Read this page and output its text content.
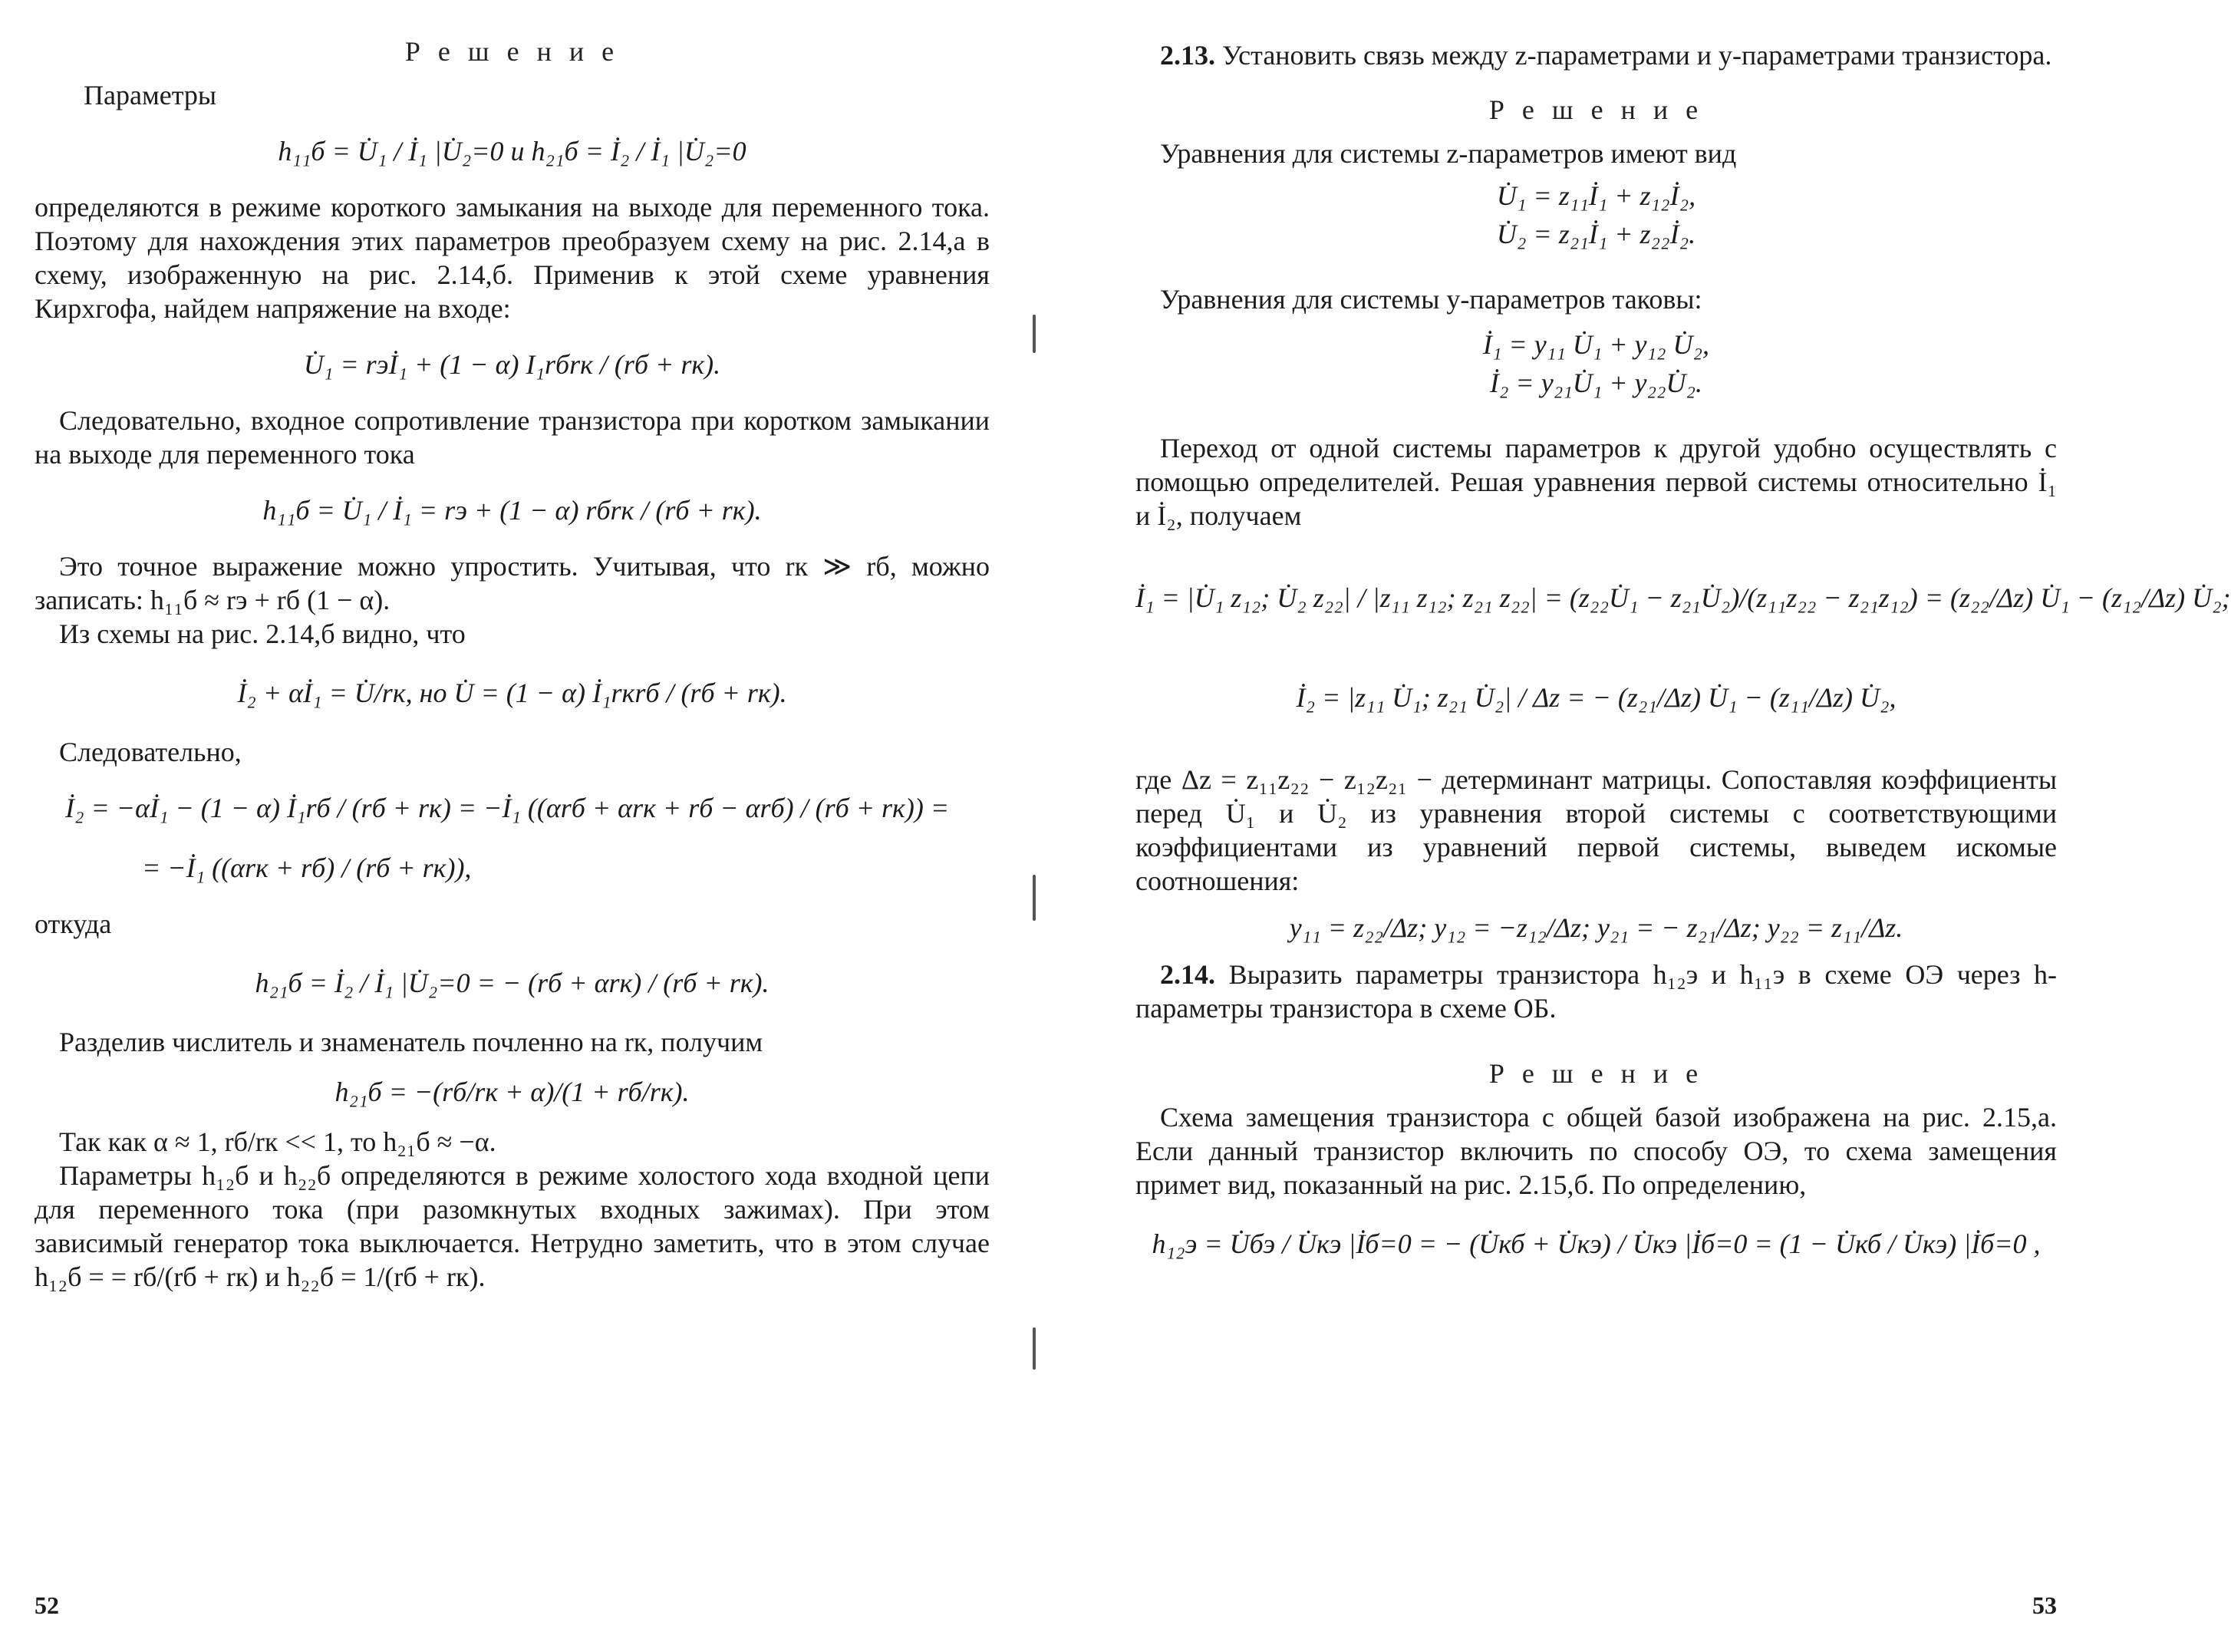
Р е ш е н и е

Параметры

h₁₁б = U̇₁ / İ₁ |U̇₂=0 и h₂₁б = İ₂ / İ₁ |U̇₂=0

определяются в режиме короткого замыкания на выходе для переменного тока. Поэтому для нахождения этих параметров преобразуем схему на рис. 2.14,а в схему, изображенную на рис. 2.14,б. Применив к этой схеме уравнения Кирхгофа, найдем напряжение на входе:

U̇₁ = rэİ₁ + (1 − α) I₁rбrк / (rб + rк).

Следовательно, входное сопротивление транзистора при коротком замыкании на выходе для переменного тока

h₁₁б = U̇₁ / İ₁ = rэ + (1 − α) rбrк / (rб + rк).

Это точное выражение можно упростить. Учитывая, что rк ≫ rб, можно записать: h₁₁б ≈ rэ + rб (1 − α).

Из схемы на рис. 2.14,б видно, что

İ₂ + αİ₁ = U̇/rк, но U̇ = (1 − α) İ₁rкrб / (rб + rк).

Следовательно,

İ₂ = −αİ₁ − (1 − α) İ₁rб / (rб + rк) = −İ₁ ((αrб + αrк + rб − αrб) / (rб + rк)) =
= −İ₁ ((αrк + rб) / (rб + rк)),

откуда

h₂₁б = İ₂ / İ₁ |U̇₂=0 = − (rб + αrк) / (rб + rк).

Разделив числитель и знаменатель почленно на rк, получим

h₂₁б = −(rб/rк + α)/(1 + rб/rк).

Так как α ≈ 1, rб/rк << 1, то h₂₁б ≈ −α.

Параметры h₁₂б и h₂₂б определяются в режиме холостого хода входной цепи для переменного тока (при разомкнутых входных зажимах). При этом зависимый генератор тока выключается. Нетрудно заметить, что в этом случае h₁₂б = = rб/(rб + rк) и h₂₂б = 1/(rб + rк).

52

2.13. Установить связь между z-параметрами и y-параметрами транзистора.

Р е ш е н и е

Уравнения для системы z-параметров имеют вид

U̇₁ = z₁₁İ₁ + z₁₂İ₂,
U̇₂ = z₂₁İ₁ + z₂₂İ₂.

Уравнения для системы y-параметров таковы:

İ₁ = y₁₁ U̇₁ + y₁₂ U̇₂,
İ₂ = y₂₁U̇₁ + y₂₂U̇₂.

Переход от одной системы параметров к другой удобно осуществлять с помощью определителей. Решая уравнения первой системы относительно İ₁ и İ₂, получаем

İ₁ = |U̇₁ z₁₂; U̇₂ z₂₂| / |z₁₁ z₁₂; z₂₁ z₂₂| = (z₂₂U̇₁ − z₂₁U̇₂)/(z₁₁z₂₂ − z₂₁z₁₂) = (z₂₂/Δz) U̇₁ − (z₁₂/Δz) U̇₂;
İ₂ = |z₁₁ U̇₁; z₂₁ U̇₂| / Δz = − (z₂₁/Δz) U̇₁ − (z₁₁/Δz) U̇₂,

где Δz = z₁₁z₂₂ − z₁₂z₂₁ − детерминант матрицы. Сопоставляя коэффициенты перед U̇₁ и U̇₂ из уравнения второй системы с соответствующими коэффициентами из уравнений первой системы, выведем искомые соотношения:

y₁₁ = z₂₂/Δz; y₁₂ = −z₁₂/Δz; y₂₁ = − z₂₁/Δz; y₂₂ = z₁₁/Δz.

2.14. Выразить параметры транзистора h₁₂э и h₁₁э в схеме ОЭ через h-параметры транзистора в схеме ОБ.

Р е ш е н и е

Схема замещения транзистора с общей базой изображена на рис. 2.15,а. Если данный транзистор включить по способу ОЭ, то схема замещения примет вид, показанный на рис. 2.15,б. По определению,

h₁₂э = U̇бэ / U̇кэ |İб=0 = − (U̇кб + U̇кэ) / U̇кэ |İб=0 = (1 − U̇кб / U̇кэ) |İб=0 ,
53
